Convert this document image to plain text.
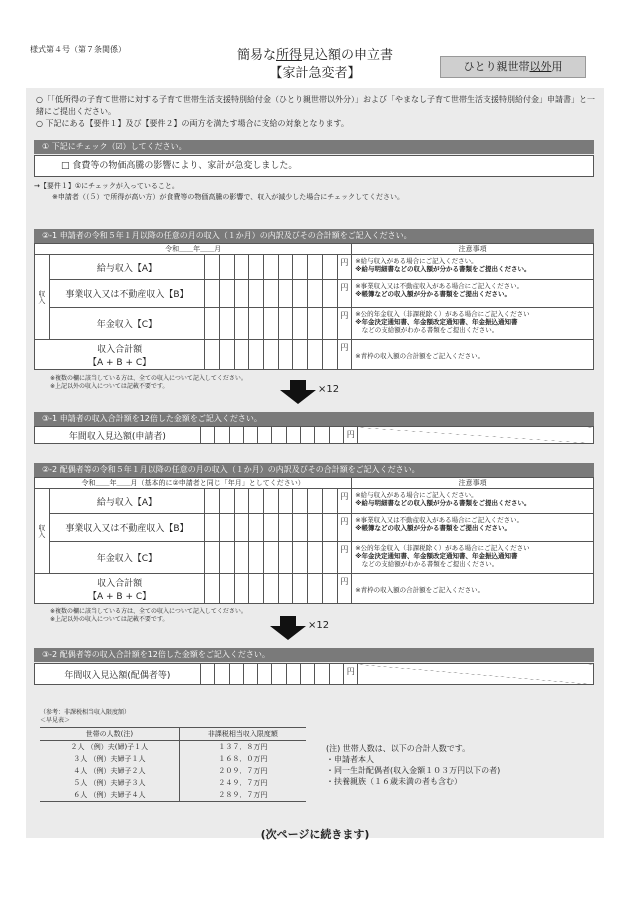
様式第４号（第７条関係）	簡易な所得見込額の申立書
【家計急変者】	ひとり親世帯以外用
○「「低所得の子育て世帯に対する子育て世帯生活支援特別給付金（ひとり親世帯以外分）」および「やまなし子育て世帯生活支援特別給付金」申請書」と一緒にご提出ください。
○ 下記にある【要件１】及び【要件２】の両方を満たす場合に支給の対象となります。
① 下記にチェック（☑）してください。
□ 食費等の物価高騰の影響により、家計が急変しました。
→【要件１】①にチェックが入っていること。
※申請者（（５）で所得が高い方）が食費等の物価高騰の影響で、収入が減少した場合にチェックしてください。
②-1 申請者の令和５年１月以降の任意の月の収入（１か月）の内訳及びその合計額をご記入ください。
令和＿＿年＿＿月												注意事項
収入	給与収入【A】										円	※給与収入がある場合にご記入ください。
※給与明細書などの収入額が分かる書類をご提出ください。
	事業収入又は不動産収入【B】										円	※事業収入又は不動産収入がある場合にご記入ください。
※帳簿などの収入額が分かる書類をご提出ください。
	年金収入【C】										円	※公的年金収入（非課税除く）がある場合にご記入ください
※年金決定通知書、年金額改定通知書、年金振込通知書
　などの支給額がわかる書類をご提出ください。

収入合計額
【A + B + C】											円	※青枠の収入額の合計額をご記入ください。
※複数の欄に該当している方は、全ての収入について記入してください。
※上記以外の収入については記載不要です。	×12
③-1 申請者の収入合計額を12倍した金額をご記入ください。
年間収入見込額(申請者)											円	
②-2 配偶者等の令和５年１月以降の任意の月の収入（１か月）の内訳及びその合計額をご記入ください。
令和＿＿年＿＿月（基本的に②申請者と同じ「年月」としてください）												注意事項
収入	給与収入【A】										円	※給与収入がある場合にご記入ください。
※給与明細書などの収入額が分かる書類をご提出ください。
	事業収入又は不動産収入【B】										円	※事業収入又は不動産収入がある場合にご記入ください。
※帳簿などの収入額が分かる書類をご提出ください。
	年金収入【C】										円	※公的年金収入（非課税除く）がある場合にご記入ください
※年金決定通知書、年金額改定通知書、年金振込通知書
　などの支給額がわかる書類をご提出ください。

収入合計額
【A + B + C】											円	※青枠の収入額の合計額をご記入ください。
※複数の欄に該当している方は、全ての収入について記入してください。
※上記以外の収入については記載不要です。
×12
③-2 配偶者等の収入合計額を12倍した金額をご記入ください。
年間収入見込額(配偶者等)											円	
（参考：非課税相当収入限度額）
＜早見表＞
世帯の人数(注)	非課税相当収入限度額
２人 （例）夫(婦)子１人	１３７．８万円
３人 （例）夫婦子１人	１６８．０万円
４人 （例）夫婦子２人	２０９．７万円
５人 （例）夫婦子３人	２４９．７万円
６人 （例）夫婦子４人	２８９．７万円
(注) 世帯人数は、以下の合計人数です。
・申請者本人
・同一生計配偶者(収入金額１０３万円以下の者)
・扶養親族（１６歳未満の者も含む）
(次ページに続きます)
